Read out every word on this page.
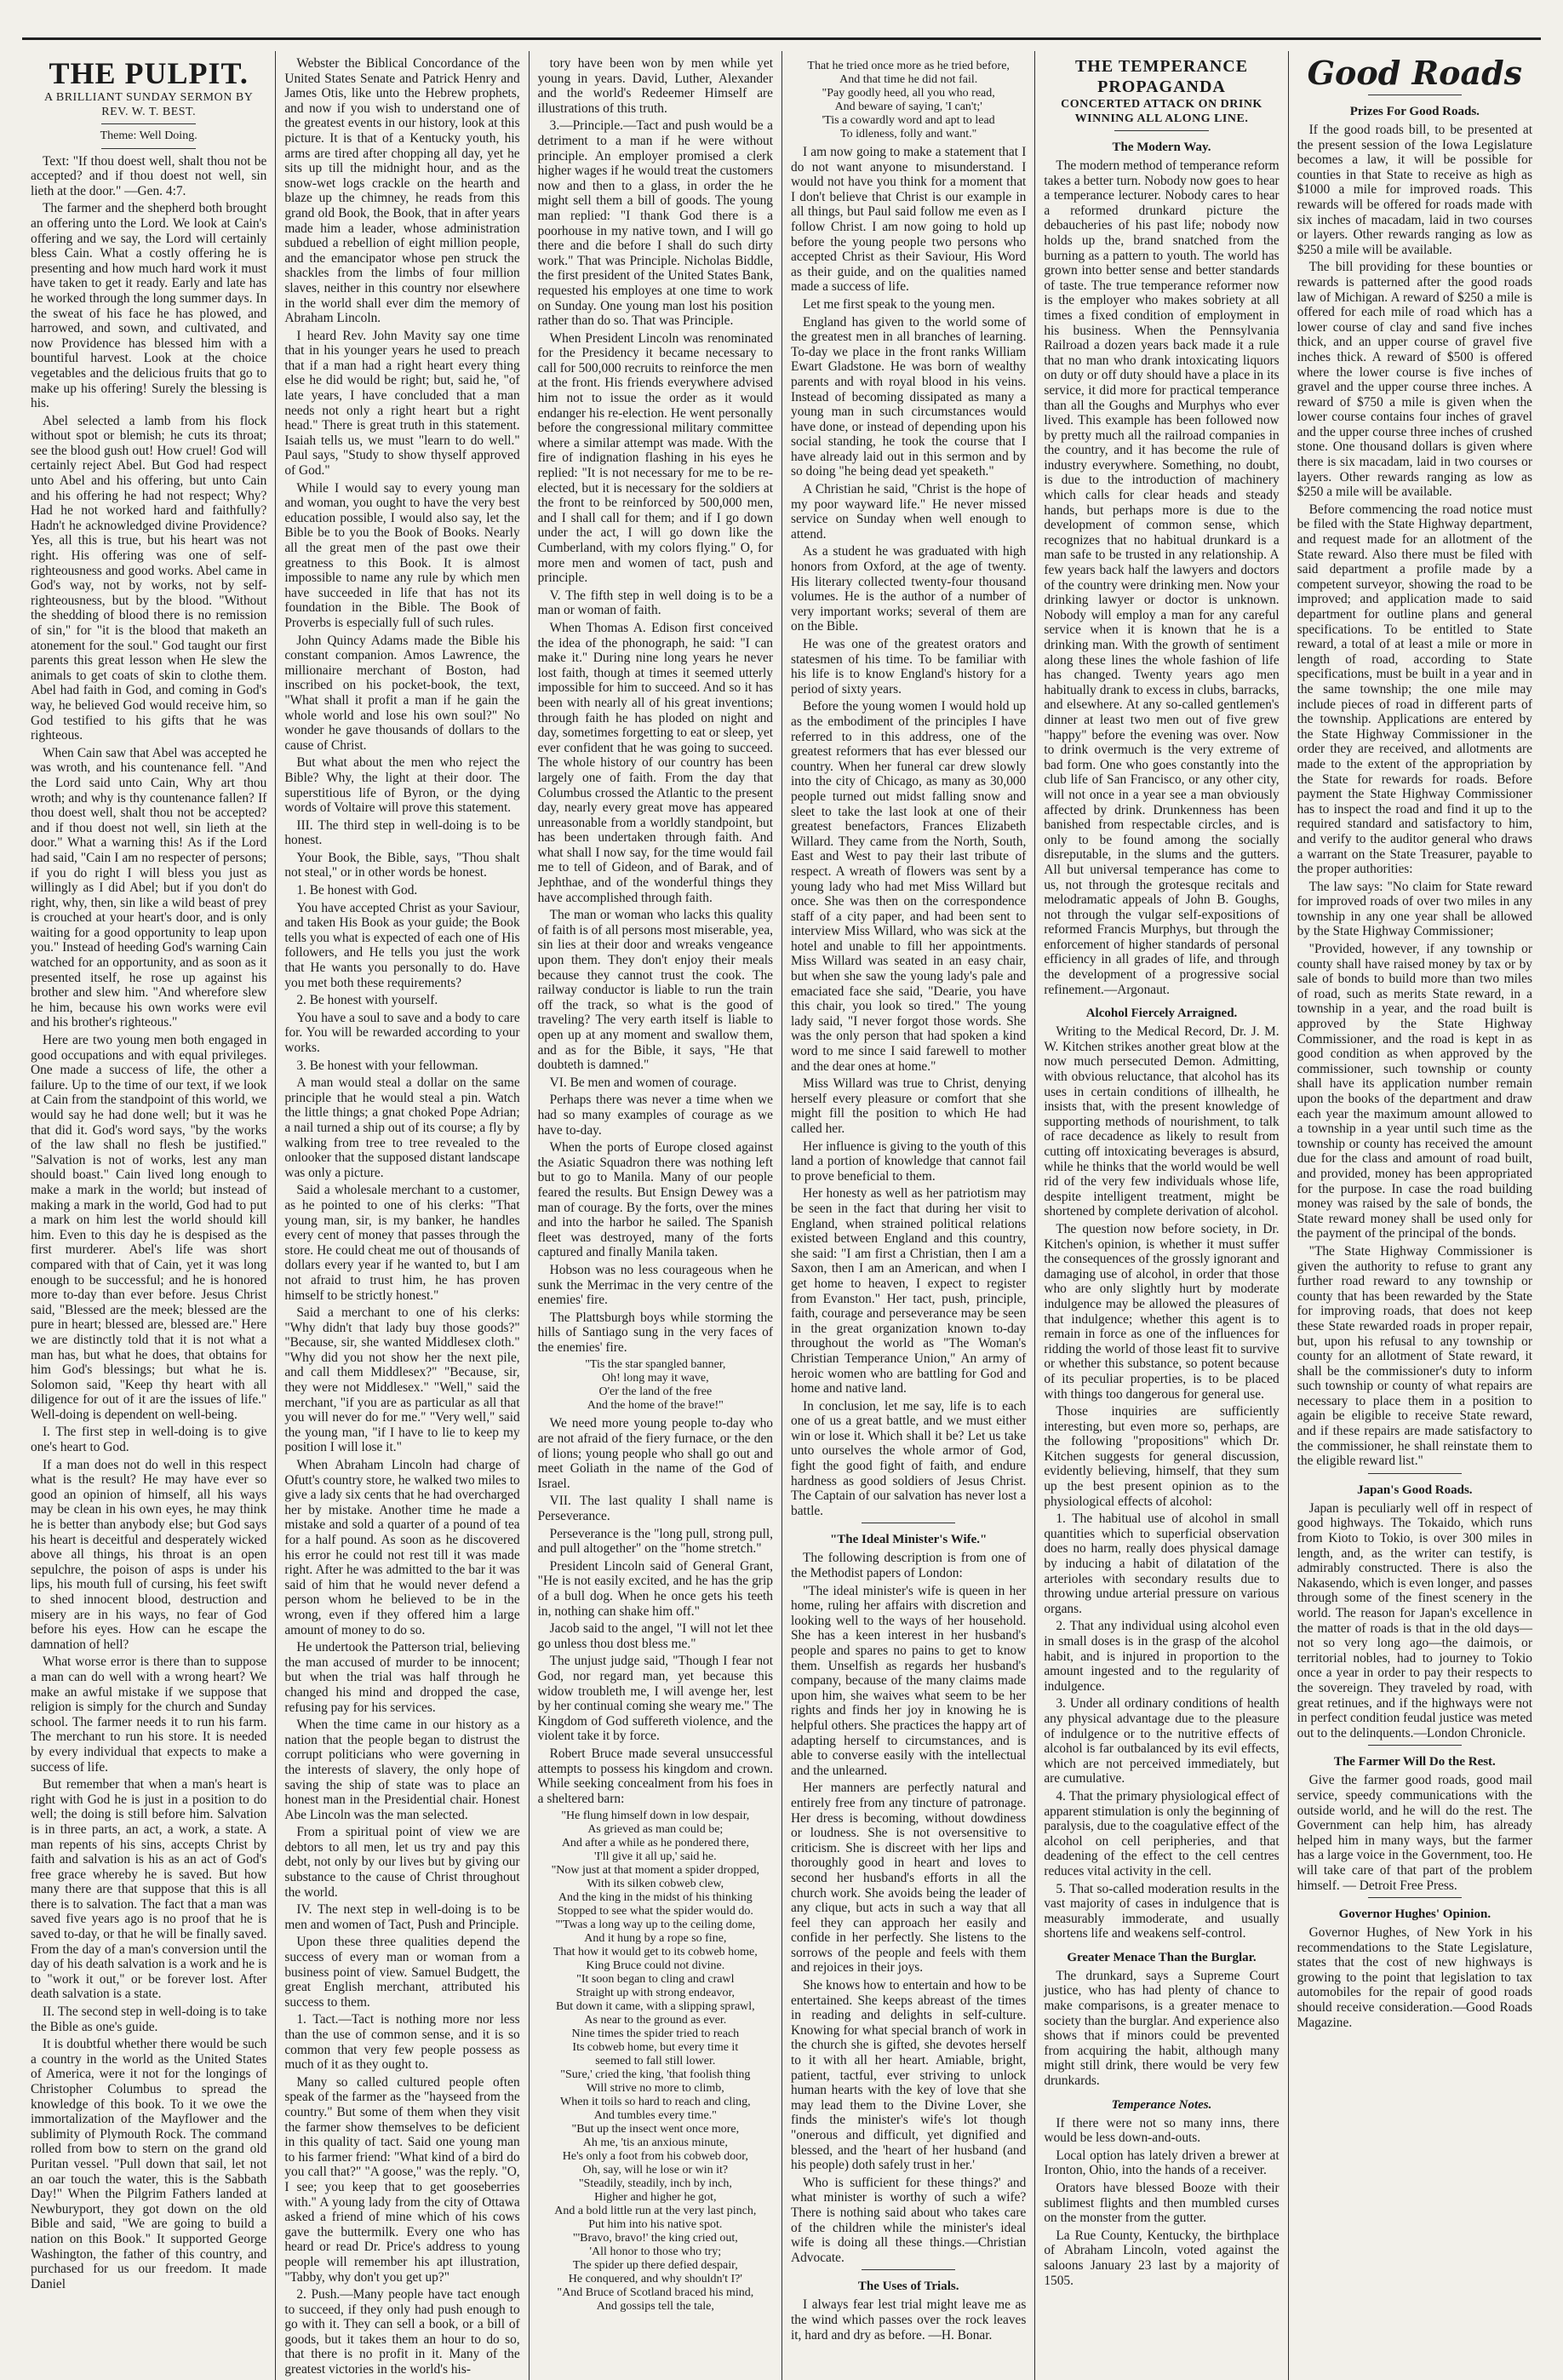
THE PULPIT.
A BRILLIANT SUNDAY SERMON BY REV. W. T. BEST.
Theme: Well Doing.

Text: "If thou doest well, shalt thou not be accepted? and if thou doest not well, sin lieth at the door." —Gen. 4:7.

The farmer and the shepherd both brought an offering unto the Lord. We look at Cain's offering and we say, the Lord will certainly bless Cain. What a costly offering he is presenting and how much hard work it must have taken to get it ready. Early and late has he worked through the long summer days. In the sweat of his face he has plowed, and harrowed, and sown, and cultivated, and now Providence has blessed him with a bountiful harvest. Look at the choice vegetables and the delicious fruits that go to make up his offering! Surely the blessing is his.

Abel selected a lamb from his flock without spot or blemish; he cuts its throat; see the blood gush out! How cruel! God will certainly reject Abel. But God had respect unto Abel and his offering, but unto Cain and his offering he had not respect; Why? Had he not worked hard and faithfully? Hadn't he acknowledged divine Providence? Yes, all this is true, but his heart was not right. His offering was one of self-righteousness and good works. Abel came in God's way, not by works, not by self-righteousness, but by the blood. "Without the shedding of blood there is no remission of sin," for "it is the blood that maketh an atonement for the soul." God taught our first parents this great lesson when He slew the animals to get coats of skin to clothe them. Abel had faith in God, and coming in God's way, he believed God would receive him, so God testified to his gifts that he was righteous.

When Cain saw that Abel was accepted he was wroth, and his countenance fell. "And the Lord said unto Cain, Why art thou wroth; and why is thy countenance fallen? If thou doest well, shalt thou not be accepted? and if thou doest not well, sin lieth at the door." What a warning this! As if the Lord had said, "Cain I am no respecter of persons; if you do right I will bless you just as willingly as I did Abel; but if you don't do right, why, then, sin like a wild beast of prey is crouched at your heart's door, and is only waiting for a good opportunity to leap upon you." Instead of heeding God's warning Cain watched for an opportunity, and as soon as it presented itself, he rose up against his brother and slew him. "And wherefore slew he him, because his own works were evil and his brother's righteous."

Here are two young men both engaged in good occupations and with equal privileges. One made a success of life, the other a failure. Up to the time of our text, if we look at Cain from the standpoint of this world, we would say he had done well; but it was he that did it. God's word says, "by the works of the law shall no flesh be justified." "Salvation is not of works, lest any man should boast." Cain lived long enough to make a mark in the world; but instead of making a mark in the world, God had to put a mark on him lest the world should kill him. Even to this day he is despised as the first murderer. Abel's life was short compared with that of Cain, yet it was long enough to be successful; and he is honored more to-day than ever before. Jesus Christ said, "Blessed are the meek; blessed are the pure in heart; blessed are, blessed are." Here we are distinctly told that it is not what a man has, but what he does, that obtains for him God's blessings; but what he is. Solomon said, "Keep thy heart with all diligence for out of it are the issues of life." Well-doing is dependent on well-being.

I. The first step in well-doing is to give one's heart to God.

If a man does not do well in this respect what is the result? He may have ever so good an opinion of himself, all his ways may be clean in his own eyes, he may think he is better than anybody else; but God says his heart is deceitful and desperately wicked above all things, his throat is an open sepulchre, the poison of asps is under his lips, his mouth full of cursing, his feet swift to shed innocent blood, destruction and misery are in his ways, no fear of God before his eyes. How can he escape the damnation of hell?

What worse error is there than to suppose a man can do well with a wrong heart? We make an awful mistake if we suppose that religion is simply for the church and Sunday school. The farmer needs it to run his farm. The merchant to run his store. It is needed by every individual that expects to make a success of life.

But remember that when a man's heart is right with God he is just in a position to do well; the doing is still before him. Salvation is in three parts, an act, a work, a state. A man repents of his sins, accepts Christ by faith and salvation is his as an act of God's free grace whereby he is saved. But how many there are that suppose that this is all there is to salvation. The fact that a man was saved five years ago is no proof that he is saved to-day, or that he will be finally saved. From the day of a man's conversion until the day of his death salvation is a work and he is to "work it out," or be forever lost. After death salvation is a state.

II. The second step in well-doing is to take the Bible as one's guide.

It is doubtful whether there would be such a country in the world as the United States of America, were it not for the longings of Christopher Columbus to spread the knowledge of this book. To it we owe the immortalization of the Mayflower and the sublimity of Plymouth Rock. The command rolled from bow to stern on the grand old Puritan vessel. "Pull down that sail, let not an oar touch the water, this is the Sabbath Day!" When the Pilgrim Fathers landed at Newburyport, they got down on the old Bible and said, "We are going to build a nation on this Book." It supported George Washington, the father of this country, and purchased for us our freedom. It made Daniel

Webster the Biblical Concordance of the United States Senate and Patrick Henry and James Otis, like unto the Hebrew prophets, and now if you wish to understand one of the greatest events in our history, look at this picture. It is that of a Kentucky youth, his arms are tired after chopping all day, yet he sits up till the midnight hour, and as the snow-wet logs crackle on the hearth and blaze up the chimney, he reads from this grand old Book, the Book, that in after years made him a leader, whose administration subdued a rebellion of eight million people, and the emancipator whose pen struck the shackles from the limbs of four million slaves, neither in this country nor elsewhere in the world shall ever dim the memory of Abraham Lincoln.

I heard Rev. John Mavity say one time that in his younger years he used to preach that if a man had a right heart every thing else he did would be right; but, said he, "of late years, I have concluded that a man needs not only a right heart but a right head." There is great truth in this statement. Isaiah tells us, we must "learn to do well." Paul says, "Study to show thyself approved of God."

While I would say to every young man and woman, you ought to have the very best education possible, I would also say, let the Bible be to you the Book of Books. Nearly all the great men of the past owe their greatness to this Book. It is almost impossible to name any rule by which men have succeeded in life that has not its foundation in the Bible. The Book of Proverbs is especially full of such rules.

John Quincy Adams made the Bible his constant companion. Amos Lawrence, the millionaire merchant of Boston, had inscribed on his pocket-book, the text, "What shall it profit a man if he gain the whole world and lose his own soul?" No wonder he gave thousands of dollars to the cause of Christ.

But what about the men who reject the Bible? Why, the light at their door. The superstitious life of Byron, or the dying words of Voltaire will prove this statement.

III. The third step in well-doing is to be honest.

Your Book, the Bible, says, "Thou shalt not steal," or in other words be honest.

1. Be honest with God.

You have accepted Christ as your Saviour, and taken His Book as your guide; the Book tells you what is expected of each one of His followers, and He tells you just the work that He wants you personally to do. Have you met both these requirements?

2. Be honest with yourself.

You have a soul to save and a body to care for. You will be rewarded according to your works.

3. Be honest with your fellowman.

A man would steal a dollar on the same principle that he would steal a pin. Watch the little things; a gnat choked Pope Adrian; a nail turned a ship out of its course; a fly by walking from tree to tree revealed to the onlooker that the supposed distant landscape was only a picture.

Said a wholesale merchant to a customer, as he pointed to one of his clerks: "That young man, sir, is my banker, he handles every cent of money that passes through the store. He could cheat me out of thousands of dollars every year if he wanted to, but I am not afraid to trust him, he has proven himself to be strictly honest."

Said a merchant to one of his clerks: "Why didn't that lady buy those goods?" "Because, sir, she wanted Middlesex cloth." "Why did you not show her the next pile, and call them Middlesex?" "Because, sir, they were not Middlesex." "Well," said the merchant, "if you are as particular as all that you will never do for me." "Very well," said the young man, "if I have to lie to keep my position I will lose it."

When Abraham Lincoln had charge of Ofutt's country store, he walked two miles to give a lady six cents that he had overcharged her by mistake. Another time he made a mistake and sold a quarter of a pound of tea for a half pound. As soon as he discovered his error he could not rest till it was made right. After he was admitted to the bar it was said of him that he would never defend a person whom he believed to be in the wrong, even if they offered him a large amount of money to do so.

He undertook the Patterson trial, believing the man accused of murder to be innocent; but when the trial was half through he changed his mind and dropped the case, refusing pay for his services.

When the time came in our history as a nation that the people began to distrust the corrupt politicians who were governing in the interests of slavery, the only hope of saving the ship of state was to place an honest man in the Presidential chair. Honest Abe Lincoln was the man selected.

From a spiritual point of view we are debtors to all men, let us try and pay this debt, not only by our lives but by giving our substance to the cause of Christ throughout the world.

IV. The next step in well-doing is to be men and women of Tact, Push and Principle.

Upon these three qualities depend the success of every man or woman from a business point of view. Samuel Budgett, the great English merchant, attributed his success to them.

1. Tact.—Tact is nothing more nor less than the use of common sense, and it is so common that very few people possess as much of it as they ought to.

Many so called cultured people often speak of the farmer as the "hayseed from the country." But some of them when they visit the farmer show themselves to be deficient in this quality of tact. Said one young man to his farmer friend: "What kind of a bird do you call that?" "A goose," was the reply. "O, I see; you keep that to get gooseberries with." A young lady from the city of Ottawa asked a friend of mine which of his cows gave the buttermilk. Every one who has heard or read Dr. Price's address to young people will remember his apt illustration, "Tabby, why don't you get up?"

2. Push.—Many people have tact enough to succeed, if they only had push enough to go with it. They can sell a book, or a bill of goods, but it takes them an hour to do so, that there is no profit in it. Many of the greatest victories in the world's his-

tory have been won by men while yet young in years. David, Luther, Alexander and the world's Redeemer Himself are illustrations of this truth.

3.—Principle.—Tact and push would be a detriment to a man if he were without principle. An employer promised a clerk higher wages if he would treat the customers now and then to a glass, in order the he might sell them a bill of goods. The young man replied: "I thank God there is a poorhouse in my native town, and I will go there and die before I shall do such dirty work." That was Principle. Nicholas Biddle, the first president of the United States Bank, requested his employes at one time to work on Sunday. One young man lost his position rather than do so. That was Principle.

When President Lincoln was renominated for the Presidency it became necessary to call for 500,000 recruits to reinforce the men at the front. His friends everywhere advised him not to issue the order as it would endanger his re-election. He went personally before the congressional military committee where a similar attempt was made. With the fire of indignation flashing in his eyes he replied: "It is not necessary for me to be re-elected, but it is necessary for the soldiers at the front to be reinforced by 500,000 men, and I shall call for them; and if I go down under the act, I will go down like the Cumberland, with my colors flying." O, for more men and women of tact, push and principle.

V. The fifth step in well doing is to be a man or woman of faith.

When Thomas A. Edison first conceived the idea of the phonograph, he said: "I can make it." During nine long years he never lost faith, though at times it seemed utterly impossible for him to succeed. And so it has been with nearly all of his great inventions; through faith he has ploded on night and day, sometimes forgetting to eat or sleep, yet ever confident that he was going to succeed. The whole history of our country has been largely one of faith. From the day that Columbus crossed the Atlantic to the present day, nearly every great move has appeared unreasonable from a worldly standpoint, but has been undertaken through faith. And what shall I now say, for the time would fail me to tell of Gideon, and of Barak, and of Jephthae, and of the wonderful things they have accomplished through faith.

The man or woman who lacks this quality of faith is of all persons most miserable, yea, sin lies at their door and wreaks vengeance upon them. They don't enjoy their meals because they cannot trust the cook. The railway conductor is liable to run the train off the track, so what is the good of traveling? The very earth itself is liable to open up at any moment and swallow them, and as for the Bible, it says, "He that doubteth is damned."

VI. Be men and women of courage.

Perhaps there was never a time when we had so many examples of courage as we have to-day.

When the ports of Europe closed against the Asiatic Squadron there was nothing left but to go to Manila. Many of our people feared the results. But Ensign Dewey was a man of courage. By the forts, over the mines and into the harbor he sailed. The Spanish fleet was destroyed, many of the forts captured and finally Manila taken.

Hobson was no less courageous when he sunk the Merrimac in the very centre of the enemies' fire.

The Plattsburgh boys while storming the hills of Santiago sung in the very faces of the enemies' fire.

"Tis the star spangled banner,
Oh! long may it wave,
O'er the land of the free
And the home of the brave!"

We need more young people to-day who are not afraid of the fiery furnace, or the den of lions; young people who shall go out and meet Goliath in the name of the God of Israel.

VII. The last quality I shall name is Perseverance.

Perseverance is the "long pull, strong pull, and pull altogether" on the "home stretch."

President Lincoln said of General Grant, "He is not easily excited, and he has the grip of a bull dog. When he once gets his teeth in, nothing can shake him off."

Jacob said to the angel, "I will not let thee go unless thou dost bless me."

The unjust judge said, "Though I fear not God, nor regard man, yet because this widow troubleth me, I will avenge her, lest by her continual coming she weary me." The Kingdom of God suffereth violence, and the violent take it by force.

Robert Bruce made several unsuccessful attempts to possess his kingdom and crown. While seeking concealment from his foes in a sheltered barn:

"He flung himself down in low despair,
As grieved as man could be;
And after a while as he pondered there,
'I'll give it all up,' said he.
"Now just at that moment a spider dropped,
With its silken cobweb clew,
And the king in the midst of his thinking
Stopped to see what the spider would do.
"'Twas a long way up to the ceiling dome,
And it hung by a rope so fine,
That how it would get to its cobweb home,
King Bruce could not divine.
"It soon began to cling and crawl
Straight up with strong endeavor,
But down it came, with a slipping sprawl,
As near to the ground as ever.
Nine times the spider tried to reach
Its cobweb home, but every time it
seemed to fall still lower.
"Sure,' cried the king, 'that foolish thing
Will strive no more to climb,
When it toils so hard to reach and cling,
And tumbles every time."
"But up the insect went once more,
Ah me, 'tis an anxious minute,
He's only a foot from his cobweb door,
Oh, say, will he lose or win it?
"Steadily, steadily, inch by inch,
Higher and higher he got,
And a bold little run at the very last pinch,
Put him into his native spot.
"'Bravo, bravo!' the king cried out,
'All honor to those who try;
The spider up there defied despair,
He conquered, and why shouldn't I?'
"And Bruce of Scotland braced his mind,
And gossips tell the tale,
That he tried once more as he tried before,
And that time he did not fail.
"Pay goodly heed, all you who read,
And beware of saying, 'I can't;'
'Tis a cowardly word and apt to lead
To idleness, folly and want."

I am now going to make a statement that I do not want anyone to misunderstand. I would not have you think for a moment that I don't believe that Christ is our example in all things, but Paul said follow me even as I follow Christ. I am now going to hold up before the young people two persons who accepted Christ as their Saviour, His Word as their guide, and on the qualities named made a success of life.

Let me first speak to the young men.

England has given to the world some of the greatest men in all branches of learning. To-day we place in the front ranks William Ewart Gladstone. He was born of wealthy parents and with royal blood in his veins. Instead of becoming dissipated as many a young man in such circumstances would have done, or instead of depending upon his social standing, he took the course that I have already laid out in this sermon and by so doing "he being dead yet speaketh."

A Christian he said, "Christ is the hope of my poor wayward life." He never missed service on Sunday when well enough to attend.

As a student he was graduated with high honors from Oxford, at the age of twenty. His literary collected twenty-four thousand volumes. He is the author of a number of very important works; several of them are on the Bible.

He was one of the greatest orators and statesmen of his time. To be familiar with his life is to know England's history for a period of sixty years.

Before the young women I would hold up as the embodiment of the principles I have referred to in this address, one of the greatest reformers that has ever blessed our country. When her funeral car drew slowly into the city of Chicago, as many as 30,000 people turned out midst falling snow and sleet to take the last look at one of their greatest benefactors, Frances Elizabeth Willard. They came from the North, South, East and West to pay their last tribute of respect. A wreath of flowers was sent by a young lady who had met Miss Willard but once. She was then on the correspondence staff of a city paper, and had been sent to interview Miss Willard, who was sick at the hotel and unable to fill her appointments. Miss Willard was seated in an easy chair, but when she saw the young lady's pale and emaciated face she said, "Dearie, you have this chair, you look so tired." The young lady said, "I never forgot those words. She was the only person that had spoken a kind word to me since I said farewell to mother and the dear ones at home."

Miss Willard was true to Christ, denying herself every pleasure or comfort that she might fill the position to which He had called her.

Her influence is giving to the youth of this land a portion of knowledge that cannot fail to prove beneficial to them.

Her honesty as well as her patriotism may be seen in the fact that during her visit to England, when strained political relations existed between England and this country, she said: "I am first a Christian, then I am a Saxon, then I am an American, and when I get home to heaven, I expect to register from Evanston." Her tact, push, principle, faith, courage and perseverance may be seen in the great organization known to-day throughout the world as "The Woman's Christian Temperance Union," An army of heroic women who are battling for God and home and native land.

In conclusion, let me say, life is to each one of us a great battle, and we must either win or lose it. Which shall it be? Let us take unto ourselves the whole armor of God, fight the good fight of faith, and endure hardness as good soldiers of Jesus Christ. The Captain of our salvation has never lost a battle.

"The Ideal Minister's Wife."

The following description is from one of the Methodist papers of London:

"The ideal minister's wife is queen in her home, ruling her affairs with discretion and looking well to the ways of her household. She has a keen interest in her husband's people and spares no pains to get to know them. Unselfish as regards her husband's company, because of the many claims made upon him, she waives what seem to be her rights and finds her joy in knowing he is helpful others. She practices the happy art of adapting herself to circumstances, and is able to converse easily with the intellectual and the unlearned.

Her manners are perfectly natural and entirely free from any tincture of patronage. Her dress is becoming, without dowdiness or loudness. She is not oversensitive to criticism. She is discreet with her lips and thoroughly good in heart and loves to second her husband's efforts in all the church work. She avoids being the leader of any clique, but acts in such a way that all feel they can approach her easily and confide in her perfectly. She listens to the sorrows of the people and feels with them and rejoices in their joys.

She knows how to entertain and how to be entertained. She keeps abreast of the times in reading and delights in self-culture. Knowing for what special branch of work in the church she is gifted, she devotes herself to it with all her heart. Amiable, bright, patient, tactful, ever striving to unlock human hearts with the key of love that she may lead them to the Divine Lover, she finds the minister's wife's lot though "onerous and difficult, yet dignified and blessed, and the 'heart of her husband (and his people) doth safely trust in her.'

Who is sufficient for these things?' and what minister is worthy of such a wife? There is nothing said about who takes care of the children while the minister's ideal wife is doing all these things.—Christian Advocate.

The Uses of Trials.

I always fear lest trial might leave me as the wind which passes over the rock leaves it, hard and dry as before. —H. Bonar.

THE TEMPERANCE PROPAGANDA
CONCERTED ATTACK ON DRINK WINNING ALL ALONG LINE.
The Modern Way.

The modern method of temperance reform takes a better turn. Nobody now goes to hear a temperance lecturer. Nobody cares to hear a reformed drunkard picture the debaucheries of his past life; nobody now holds up the, brand snatched from the burning as a pattern to youth. The world has grown into better sense and better standards of taste. The true temperance reformer now is the employer who makes sobriety at all times a fixed condition of employment in his business. When the Pennsylvania Railroad a dozen years back made it a rule that no man who drank intoxicating liquors on duty or off duty should have a place in its service, it did more for practical temperance than all the Goughs and Murphys who ever lived. This example has been followed now by pretty much all the railroad companies in the country, and it has become the rule of industry everywhere. Something, no doubt, is due to the introduction of machinery which calls for clear heads and steady hands, but perhaps more is due to the development of common sense, which recognizes that no habitual drunkard is a man safe to be trusted in any relationship. A few years back half the lawyers and doctors of the country were drinking men. Now your drinking lawyer or doctor is unknown. Nobody will employ a man for any careful service when it is known that he is a drinking man. With the growth of sentiment along these lines the whole fashion of life has changed. Twenty years ago men habitually drank to excess in clubs, barracks, and elsewhere. At any so-called gentlemen's dinner at least two men out of five grew "happy" before the evening was over. Now to drink overmuch is the very extreme of bad form. One who goes constantly into the club life of San Francisco, or any other city, will not once in a year see a man obviously affected by drink. Drunkenness has been banished from respectable circles, and is only to be found among the socially disreputable, in the slums and the gutters. All but universal temperance has come to us, not through the grotesque recitals and melodramatic appeals of John B. Goughs, not through the vulgar self-expositions of reformed Francis Murphys, but through the enforcement of higher standards of personal efficiency in all grades of life, and through the development of a progressive social refinement.—Argonaut.

Alcohol Fiercely Arraigned.

Writing to the Medical Record, Dr. J. M. W. Kitchen strikes another great blow at the now much persecuted Demon. Admitting, with obvious reluctance, that alcohol has its uses in certain conditions of illhealth, he insists that, with the present knowledge of supporting methods of nourishment, to talk of race decadence as likely to result from cutting off intoxicating beverages is absurd, while he thinks that the world would be well rid of the very few individuals whose life, despite intelligent treatment, might be shortened by complete derivation of alcohol.

The question now before society, in Dr. Kitchen's opinion, is whether it must suffer the consequences of the grossly ignorant and damaging use of alcohol, in order that those who are only slightly hurt by moderate indulgence may be allowed the pleasures of that indulgence; whether this agent is to remain in force as one of the influences for ridding the world of those least fit to survive or whether this substance, so potent because of its peculiar properties, is to be placed with things too dangerous for general use.

Those inquiries are sufficiently interesting, but even more so, perhaps, are the following "propositions" which Dr. Kitchen suggests for general discussion, evidently believing, himself, that they sum up the best present opinion as to the physiological effects of alcohol:

1. The habitual use of alcohol in small quantities which to superficial observation does no harm, really does physical damage by inducing a habit of dilatation of the arterioles with secondary results due to throwing undue arterial pressure on various organs.

2. That any individual using alcohol even in small doses is in the grasp of the alcohol habit, and is injured in proportion to the amount ingested and to the regularity of indulgence.

3. Under all ordinary conditions of health any physical advantage due to the pleasure of indulgence or to the nutritive effects of alcohol is far outbalanced by its evil effects, which are not perceived immediately, but are cumulative.

4. That the primary physiological effect of apparent stimulation is only the beginning of paralysis, due to the coagulative effect of the alcohol on cell peripheries, and that deadening of the effect to the cell centres reduces vital activity in the cell.

5. That so-called moderation results in the vast majority of cases in indulgence that is measurably immoderate, and usually shortens life and weakens self-control.

Greater Menace Than the Burglar.

The drunkard, says a Supreme Court justice, who has had plenty of chance to make comparisons, is a greater menace to society than the burglar. And experience also shows that if minors could be prevented from acquiring the habit, although many might still drink, there would be very few drunkards.

Temperance Notes.

If there were not so many inns, there would be less down-and-outs.

Local option has lately driven a brewer at Ironton, Ohio, into the hands of a receiver.

Orators have blessed Booze with their sublimest flights and then mumbled curses on the monster from the gutter.

La Rue County, Kentucky, the birthplace of Abraham Lincoln, voted against the saloons January 23 last by a majority of 1505.

Good Roads
Prizes For Good Roads.

If the good roads bill, to be presented at the present session of the Iowa Legislature becomes a law, it will be possible for counties in that State to receive as high as $1000 a mile for improved roads. This rewards will be offered for roads made with six inches of macadam, laid in two courses or layers. Other rewards ranging as low as $250 a mile will be available.

The bill providing for these bounties or rewards is patterned after the good roads law of Michigan. A reward of $250 a mile is offered for each mile of road which has a lower course of clay and sand five inches thick, and an upper course of gravel five inches thick. A reward of $500 is offered where the lower course is five inches of gravel and the upper course three inches. A reward of $750 a mile is given when the lower course contains four inches of gravel and the upper course three inches of crushed stone. One thousand dollars is given where there is six macadam, laid in two courses or layers. Other rewards ranging as low as $250 a mile will be available.

Before commencing the road notice must be filed with the State Highway department, and request made for an allotment of the State reward. Also there must be filed with said department a profile made by a competent surveyor, showing the road to be improved; and application made to said department for outline plans and general specifications. To be entitled to State reward, a total of at least a mile or more in length of road, according to State specifications, must be built in a year and in the same township; the one mile may include pieces of road in different parts of the township. Applications are entered by the State Highway Commissioner in the order they are received, and allotments are made to the extent of the appropriation by the State for rewards for roads. Before payment the State Highway Commissioner has to inspect the road and find it up to the required standard and satisfactory to him, and verify to the auditor general who draws a warrant on the State Treasurer, payable to the proper authorities:

The law says: "No claim for State reward for improved roads of over two miles in any township in any one year shall be allowed by the State Highway Commissioner;

"Provided, however, if any township or county shall have raised money by tax or by sale of bonds to build more than two miles of road, such as merits State reward, in a township in a year, and the road built is approved by the State Highway Commissioner, and the road is kept in as good condition as when approved by the commissioner, such township or county shall have its application number remain upon the books of the department and draw each year the maximum amount allowed to a township in a year until such time as the township or county has received the amount due for the class and amount of road built, and provided, money has been appropriated for the purpose. In case the road building money was raised by the sale of bonds, the State reward money shall be used only for the payment of the principal of the bonds.

"The State Highway Commissioner is given the authority to refuse to grant any further road reward to any township or county that has been rewarded by the State for improving roads, that does not keep these State rewarded roads in proper repair, but, upon his refusal to any township or county for an allotment of State reward, it shall be the commissioner's duty to inform such township or county of what repairs are necessary to place them in a position to again be eligible to receive State reward, and if these repairs are made satisfactory to the commissioner, he shall reinstate them to the eligible reward list."

Japan's Good Roads.

Japan is peculiarly well off in respect of good highways. The Tokaido, which runs from Kioto to Tokio, is over 300 miles in length, and, as the writer can testify, is admirably constructed. There is also the Nakasendo, which is even longer, and passes through some of the finest scenery in the world. The reason for Japan's excellence in the matter of roads is that in the old days—not so very long ago—the daimois, or territorial nobles, had to journey to Tokio once a year in order to pay their respects to the sovereign. They traveled by road, with great retinues, and if the highways were not in perfect condition feudal justice was meted out to the delinquents.—London Chronicle.

The Farmer Will Do the Rest.

Give the farmer good roads, good mail service, speedy communications with the outside world, and he will do the rest. The Government can help him, has already helped him in many ways, but the farmer has a large voice in the Government, too. He will take care of that part of the problem himself. — Detroit Free Press.

Governor Hughes' Opinion.

Governor Hughes, of New York in his recommendations to the State Legislature, states that the cost of new highways is growing to the point that legislation to tax automobiles for the repair of good roads should receive consideration.—Good Roads Magazine.
